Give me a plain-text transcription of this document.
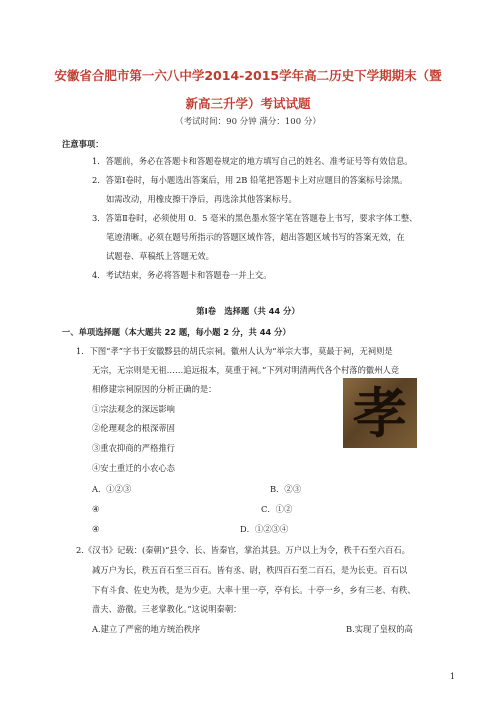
安徽省合肥市第一六八中学2014-2015学年高二历史下学期期末（暨
新高三升学）考试试题
（考试时间：90 分钟 满分：100 分）
注意事项：
1．答题前，务必在答题卡和答题卷规定的地方填写自己的姓名、准考证号等有效信息。
2．答第Ⅰ卷时，每小题选出答案后，用 2B 铅笔把答题卡上对应题目的答案标号涂黑。
如需改动，用橡皮擦干净后，再选涂其他答案标号。
3．答第Ⅱ卷时，必须使用 0．5 毫米的黑色墨水签字笔在答题卷上书写，要求字体工整、
笔迹清晰。必须在题号所指示的答题区域作答，超出答题区域书写的答案无效，在
试题卷、草稿纸上答题无效。
4．考试结束，务必将答题卡和答题卷一并上交。
第Ⅰ卷　选择题（共 44 分）
一、单项选择题（本大题共 22 题，每小题 2 分，共 44 分）
1．下图“孝”字书于安徽黟县的胡氏宗祠。徽州人认为“举宗大事，莫最于祠，无祠则是
无宗，无宗则是无祖……追远报本，莫重于祠。”下列对明清两代各个村落的徽州人竞
相修建宗祠原因的分析正确的是：
①宗法观念的深远影响
②伦理观念的根深蒂固
③重农抑商的严格推行
④安土重迁的小农心态
孝
A．①②③	B．②③
④	C．①②
④	D．①②③④
2.《汉书》记载：(秦朝)“县令、长、皆秦官，掌治其县。万户以上为令，秩千石至六百石。
减万户为长，秩五百石至三百石。皆有丞、尉，秩四百石至二百石，是为长吏。百石以
下有斗食、佐史为秩，是为少吏。大率十里一亭，亭有长。十亭一乡，乡有三老、有秩、
啬夫、游徼。三老掌教化。”这说明秦朝：
A.建立了严密的地方统治秩序	B.实现了皇权的高
1
